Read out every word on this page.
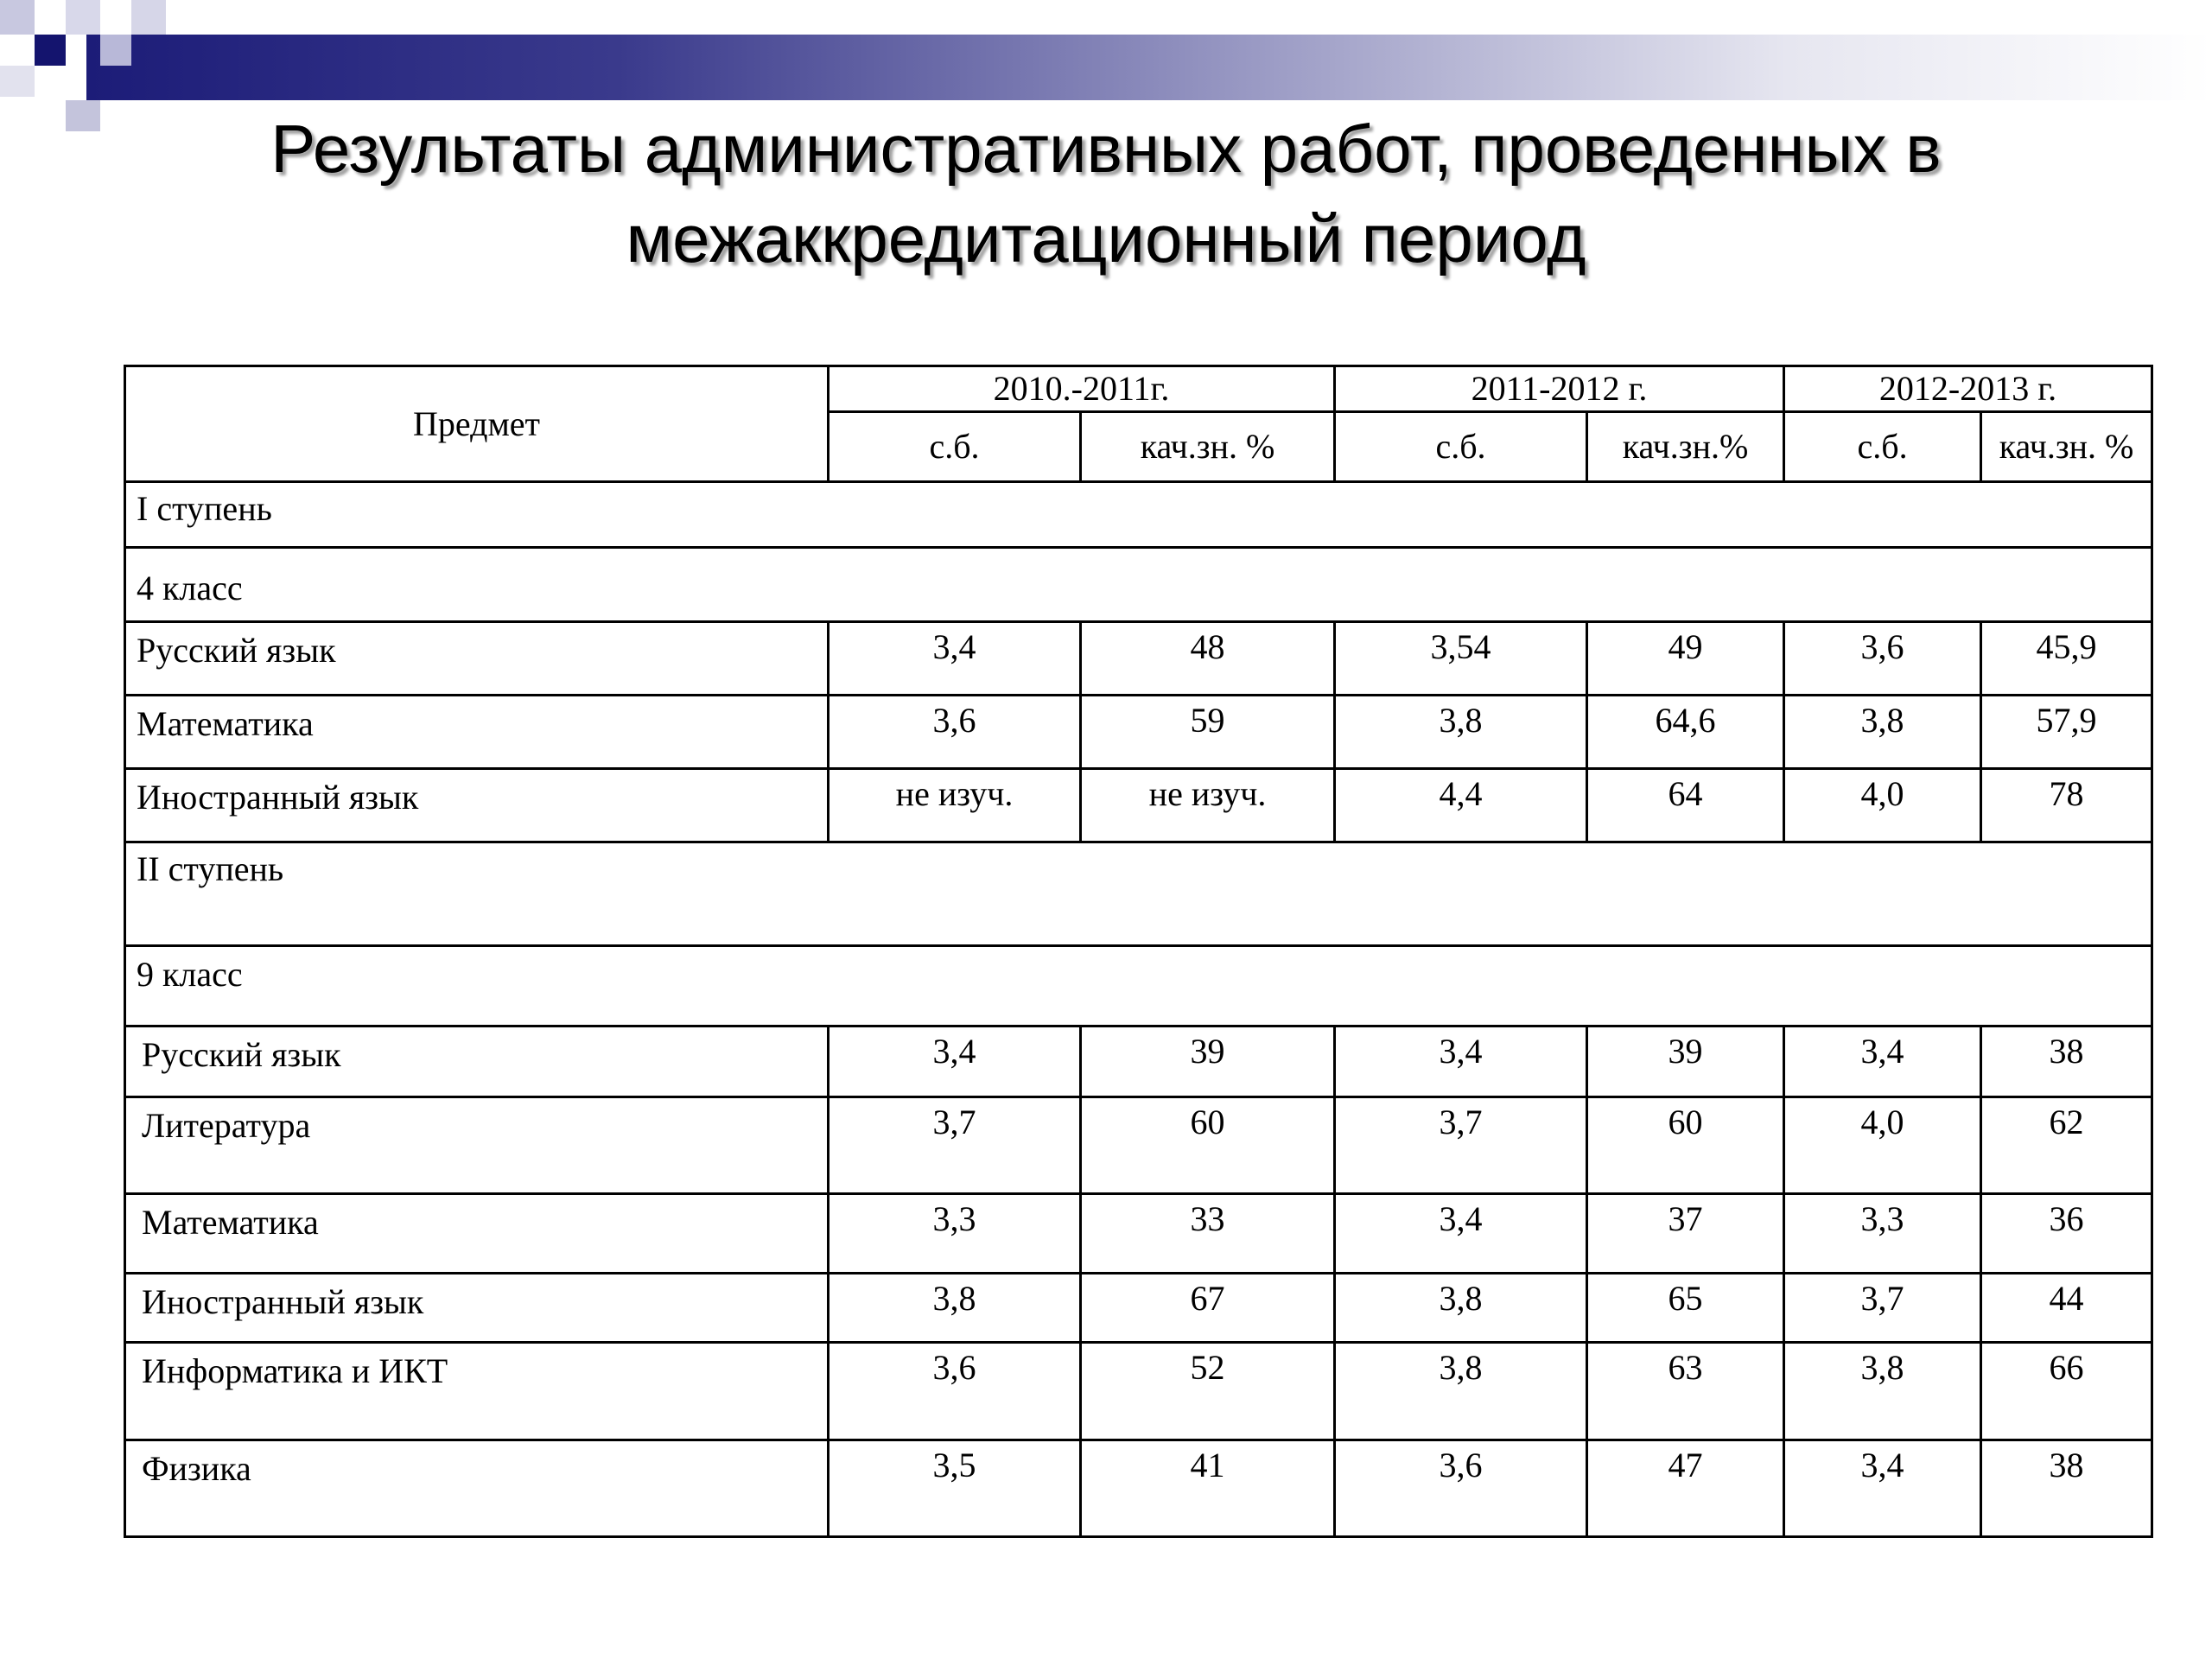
Результаты административных работ, проведенных в межаккредитационный период
Предмет	2010.-2011г.		2011-2012 г.		2012-2013 г.	
	с.б.	кач.зн. %	с.б.	кач.зн.%	с.б.	кач.зн. %
I ступень						
4 класс						
Русский язык	3,4	48	3,54	49	3,6	45,9
Математика	3,6	59	3,8	64,6	3,8	57,9
Иностранный язык	не изуч.	не изуч.	4,4	64	4,0	78
II ступень						
9 класс						
Русский язык	3,4	39	3,4	39	3,4	38
Литература	3,7	60	3,7	60	4,0	62
Математика	3,3	33	3,4	37	3,3	36
Иностранный язык	3,8	67	3,8	65	3,7	44
Информатика и ИКТ	3,6	52	3,8	63	3,8	66
Физика	3,5	41	3,6	47	3,4	38
